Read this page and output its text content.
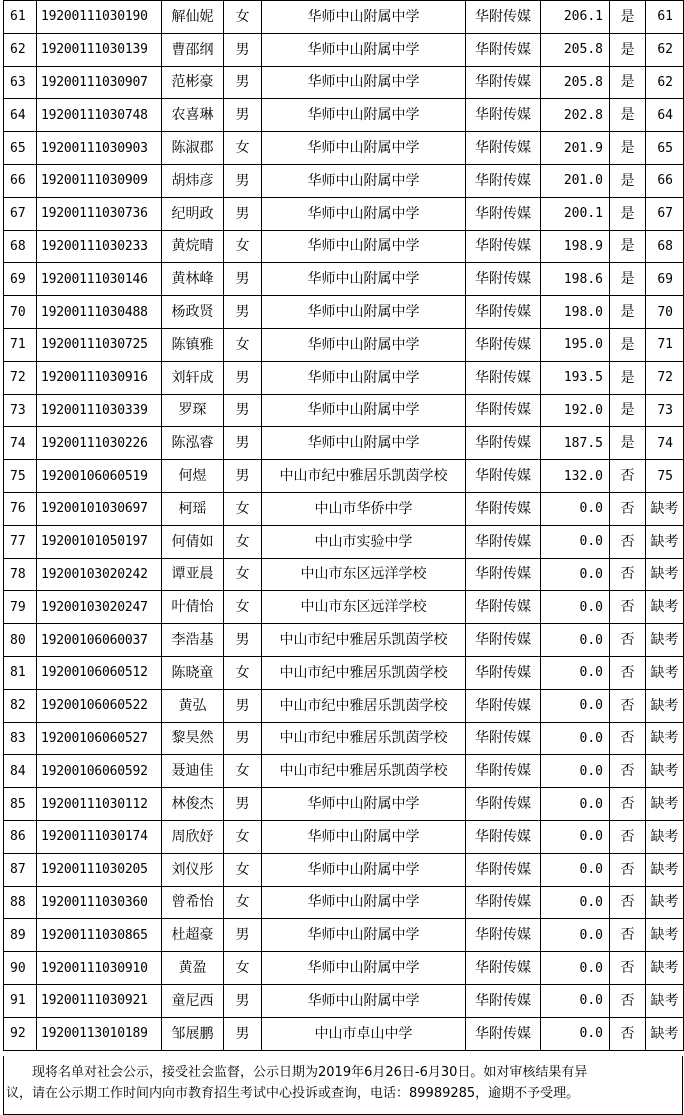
61	19200111030190	解仙妮	女	华师中山附属中学	华附传媒	206.1	是	61
62	19200111030139	曹邵纲	男	华师中山附属中学	华附传媒	205.8	是	62
63	19200111030907	范彬豪	男	华师中山附属中学	华附传媒	205.8	是	62
64	19200111030748	农喜琳	男	华师中山附属中学	华附传媒	202.8	是	64
65	19200111030903	陈淑郡	女	华师中山附属中学	华附传媒	201.9	是	65
66	19200111030909	胡炜彦	男	华师中山附属中学	华附传媒	201.0	是	66
67	19200111030736	纪明政	男	华师中山附属中学	华附传媒	200.1	是	67
68	19200111030233	黄烷晴	女	华师中山附属中学	华附传媒	198.9	是	68
69	19200111030146	黄林峰	男	华师中山附属中学	华附传媒	198.6	是	69
70	19200111030488	杨政贤	男	华师中山附属中学	华附传媒	198.0	是	70
71	19200111030725	陈镇雅	女	华师中山附属中学	华附传媒	195.0	是	71
72	19200111030916	刘轩成	男	华师中山附属中学	华附传媒	193.5	是	72
73	19200111030339	罗琛	男	华师中山附属中学	华附传媒	192.0	是	73
74	19200111030226	陈泓睿	男	华师中山附属中学	华附传媒	187.5	是	74
75	19200106060519	何煜	男	中山市纪中雅居乐凯茵学校	华附传媒	132.0	否	75
76	19200101030697	柯瑶	女	中山市华侨中学	华附传媒	0.0	否	缺考
77	19200101050197	何倩如	女	中山市实验中学	华附传媒	0.0	否	缺考
78	19200103020242	谭亚晨	女	中山市东区远洋学校	华附传媒	0.0	否	缺考
79	19200103020247	叶倩怡	女	中山市东区远洋学校	华附传媒	0.0	否	缺考
80	19200106060037	李浩基	男	中山市纪中雅居乐凯茵学校	华附传媒	0.0	否	缺考
81	19200106060512	陈晓童	女	中山市纪中雅居乐凯茵学校	华附传媒	0.0	否	缺考
82	19200106060522	黄弘	男	中山市纪中雅居乐凯茵学校	华附传媒	0.0	否	缺考
83	19200106060527	黎昊然	男	中山市纪中雅居乐凯茵学校	华附传媒	0.0	否	缺考
84	19200106060592	聂迪佳	女	中山市纪中雅居乐凯茵学校	华附传媒	0.0	否	缺考
85	19200111030112	林俊杰	男	华师中山附属中学	华附传媒	0.0	否	缺考
86	19200111030174	周欣妤	女	华师中山附属中学	华附传媒	0.0	否	缺考
87	19200111030205	刘仪彤	女	华师中山附属中学	华附传媒	0.0	否	缺考
88	19200111030360	曾希怡	女	华师中山附属中学	华附传媒	0.0	否	缺考
89	19200111030865	杜超豪	男	华师中山附属中学	华附传媒	0.0	否	缺考
90	19200111030910	黄盈	女	华师中山附属中学	华附传媒	0.0	否	缺考
91	19200111030921	童尼西	男	华师中山附属中学	华附传媒	0.0	否	缺考
92	19200113010189	邹展鹏	男	中山市卓山中学	华附传媒	0.0	否	缺考
现将名单对社会公示，接受社会监督，公示日期为2019年6月26日-6月30日。如对审核结果有异
议，请在公示期工作时间内向市教育招生考试中心投诉或查询，电话：89989285，逾期不予受理。
